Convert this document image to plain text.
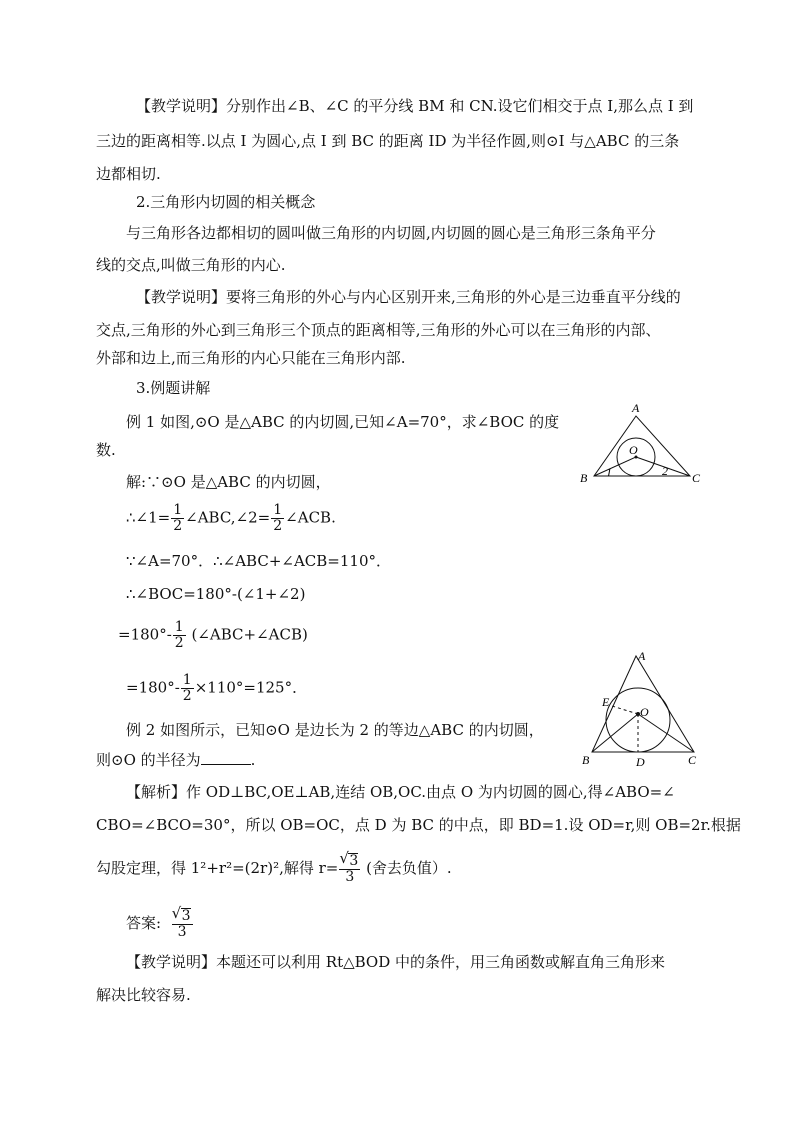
【教学说明】分别作出∠B、∠C 的平分线 BM 和 CN.设它们相交于点 I,那么点 I 到
三边的距离相等.以点 I 为圆心,点 I 到 BC 的距离 ID 为半径作圆,则⊙I 与△ABC 的三条
边都相切.
2.三角形内切圆的相关概念
与三角形各边都相切的圆叫做三角形的内切圆,内切圆的圆心是三角形三条角平分
线的交点,叫做三角形的内心.
【教学说明】要将三角形的外心与内心区别开来,三角形的外心是三边垂直平分线的
交点,三角形的外心到三角形三个顶点的距离相等,三角形的外心可以在三角形的内部、
外部和边上,而三角形的内心只能在三角形内部.
3.例题讲解
例 1 如图,⊙O 是△ABC 的内切圆,已知∠A=70°，求∠BOC 的度
数.
解:∵⊙O 是△ABC 的内切圆，
∴∠1= $\frac{1}{2}$ ∠ABC,∠2= $\frac{1}{2}$ ∠ACB.
∵∠A=70°．∴∠ABC+∠ACB=110°．
∴∠BOC=180°-(∠1+∠2)
$=180^\circ- \frac{1}{2}$ (∠ABC+∠ACB)
$=180^\circ- \frac{1}{2} \times 110^\circ=125^\circ$．
例 2 如图所示，已知⊙O 是边长为 2 的等边△ABC 的内切圆，
则⊙O 的半径为	.
【解析】作 OD⊥BC,OE⊥AB,连结 OB,OC.由点 O 为内切圆的圆心,得∠ABO=∠
CBO=∠BCO=30°，所以 OB=OC，点 D 为 BC 的中点，即 BD=1.设 OD=r,则 OB=2r.根据
勾股定理，得 1²+r²=(2r)²,解得 r= √ $\frac{3}{3}$ (舍去负值）.
答案: √ $\frac{3}{3}$
【教学说明】本题还可以利用 Rt△BOD 中的条件，用三角函数或解直角三角形来
解决比较容易.
A
B	C
O
1	2
A
B	C
D
E
O
